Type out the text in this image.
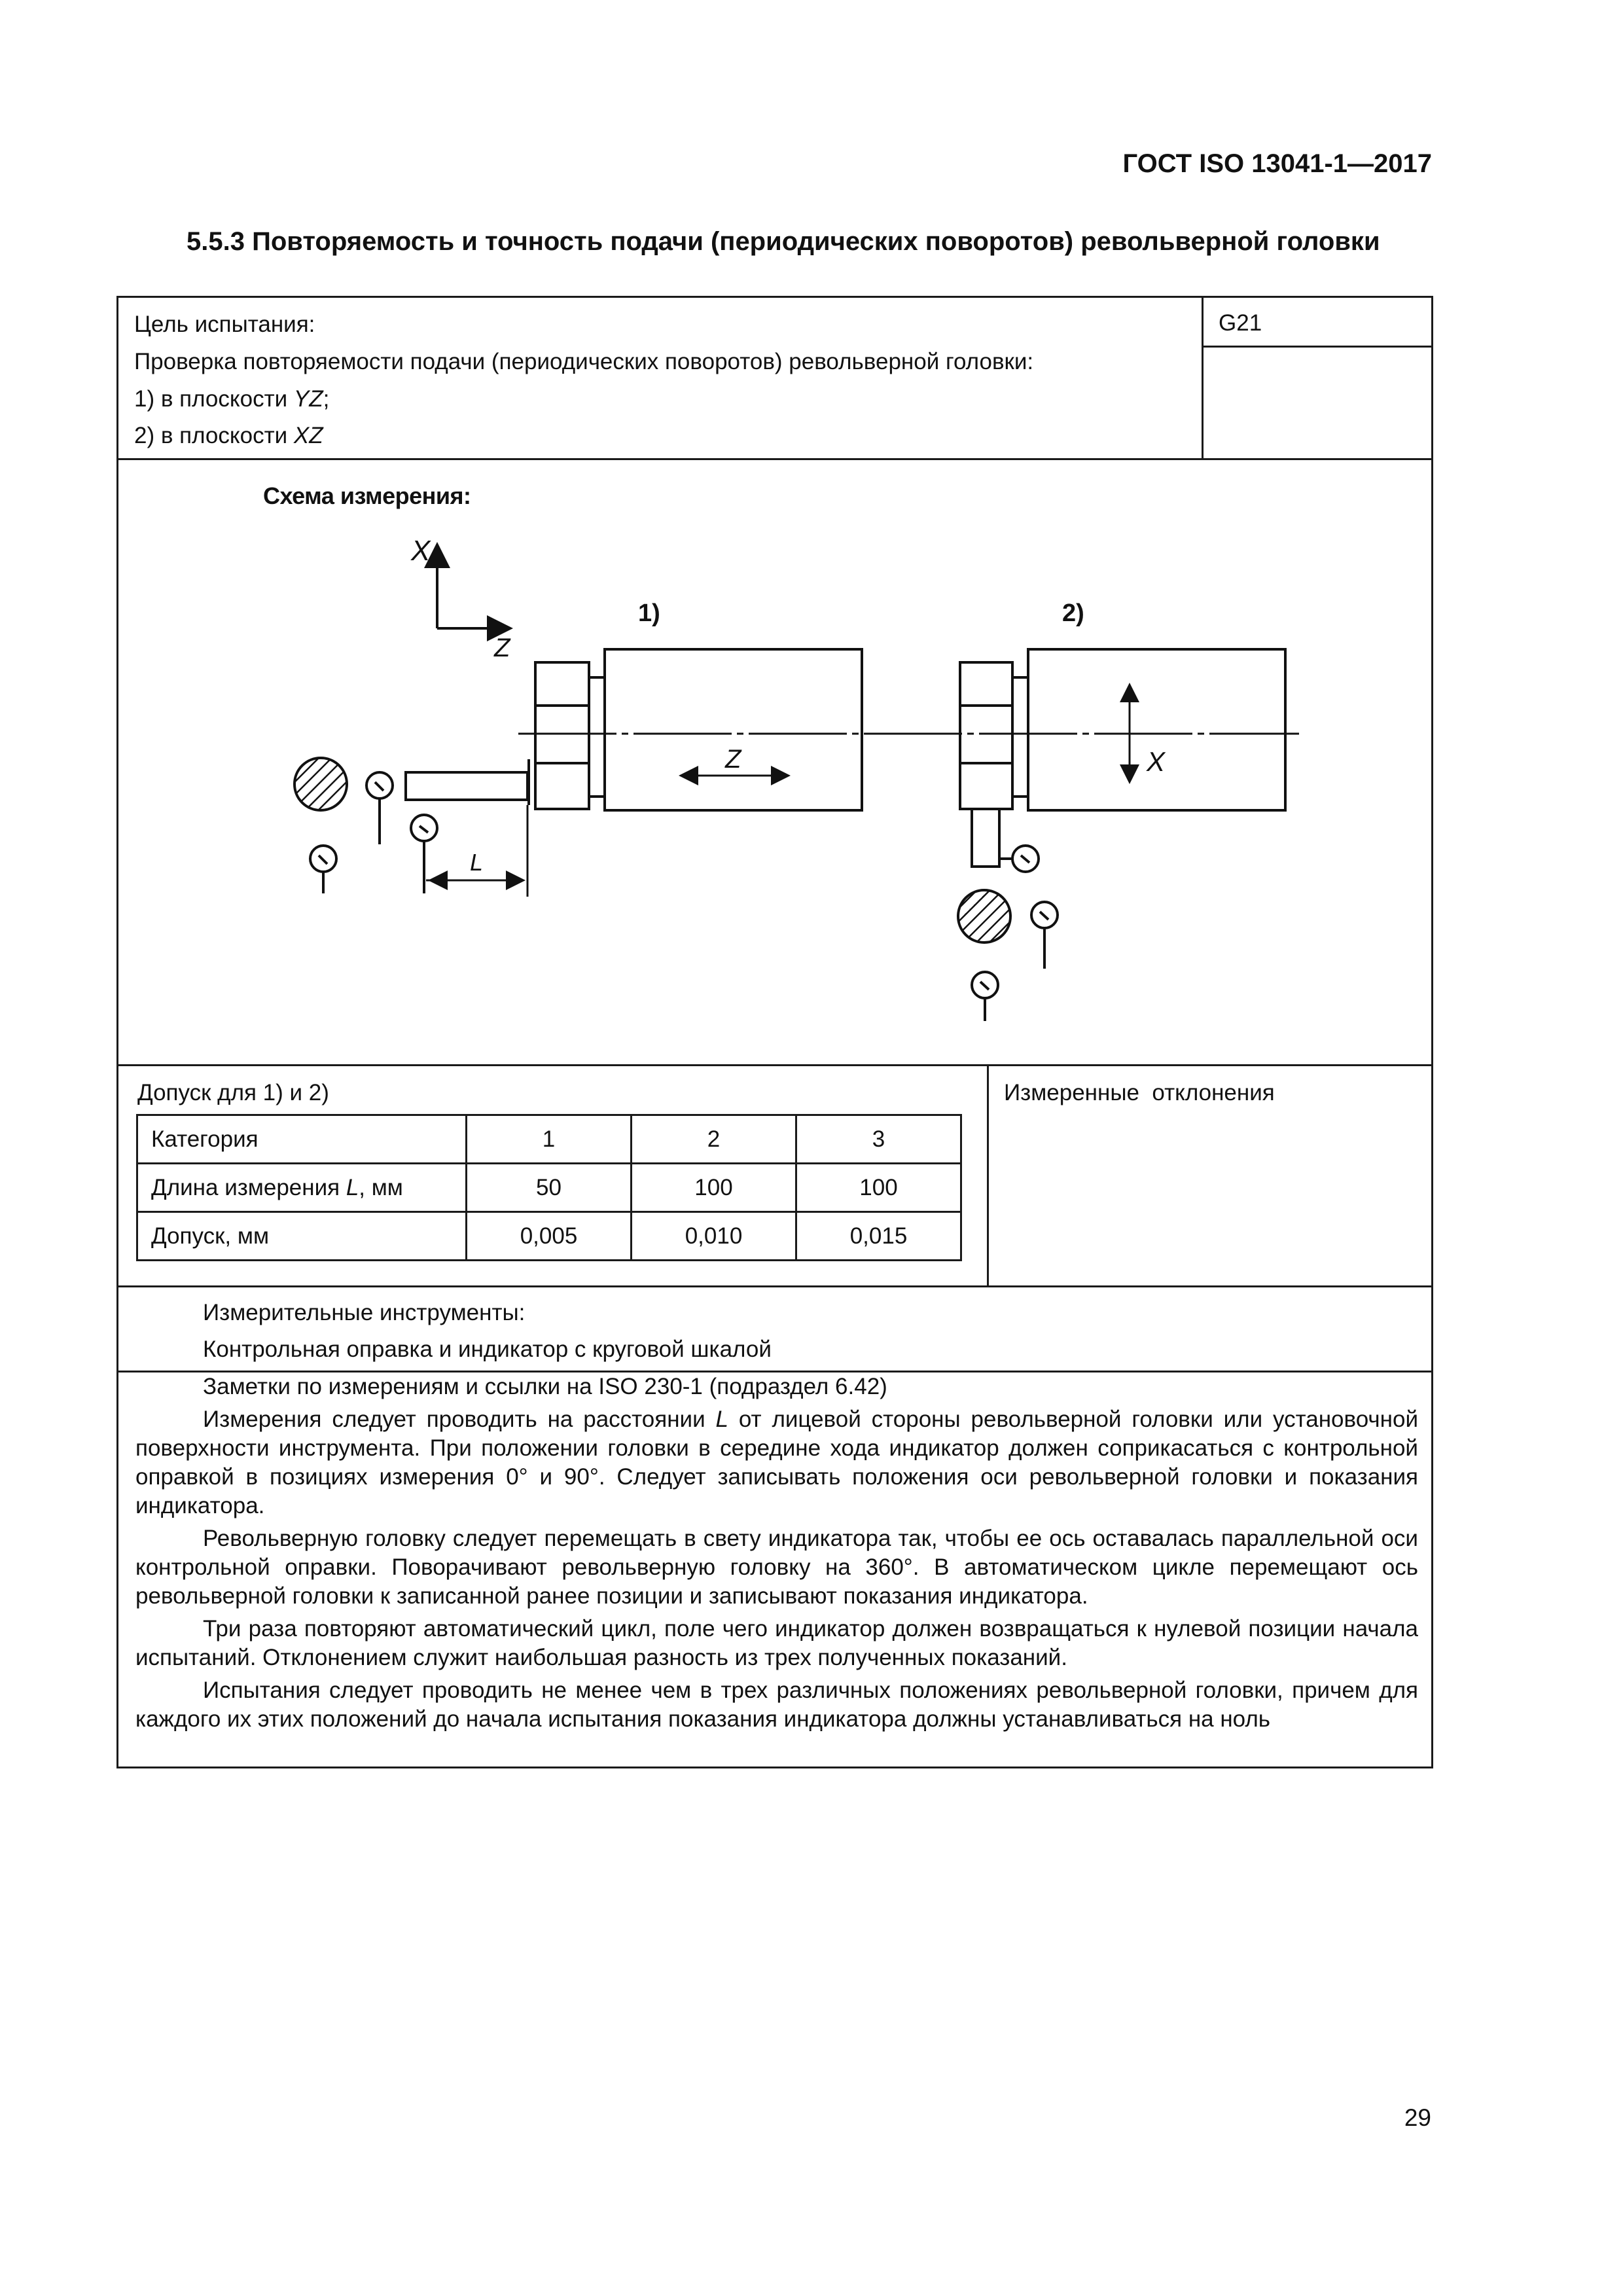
ГОСТ ISO 13041-1—2017
5.5.3 Повторяемость и точность подачи (периодических поворотов) револьверной головки
Цель испытания:
Проверка повторяемости подачи (периодических поворотов) револьверной головки:
1) в плоскости YZ;
2) в плоскости XZ
G21
Схема измерения:
X
Z
1)	2)
Z	X
L
Допуск для 1) и 2)
Категория	1	2	3
Длина измерения L, мм	50	100	100
Допуск, мм	0,005	0,010	0,015
Измеренные  отклонения
Измерительные инструменты:
Контрольная оправка и индикатор с круговой шкалой
Заметки по измерениям и ссылки на ISO 230-1 (подраздел 6.42)

Измерения следует проводить на расстоянии L от лицевой стороны револьверной головки или установочной поверхности инструмента. При положении головки в середине хода индикатор должен соприкасаться с контрольной оправкой в позициях измерения 0° и 90°. Следует записывать положения оси револьверной головки и показания индикатора.

Револьверную головку следует перемещать в свету индикатора так, чтобы ее ось оставалась параллельной оси контрольной оправки. Поворачивают револьверную головку на 360°. В автоматическом цикле перемещают ось револьверной головки к записанной ранее позиции и записывают показания индикатора.

Три раза повторяют автоматический цикл, поле чего индикатор должен возвращаться к нулевой позиции начала испытаний. Отклонением служит наибольшая разность из трех полученных показаний.

Испытания следует проводить не менее чем в трех различных положениях револьверной головки, причем для каждого их этих положений до начала испытания показания индикатора должны устанавливаться на ноль

29
